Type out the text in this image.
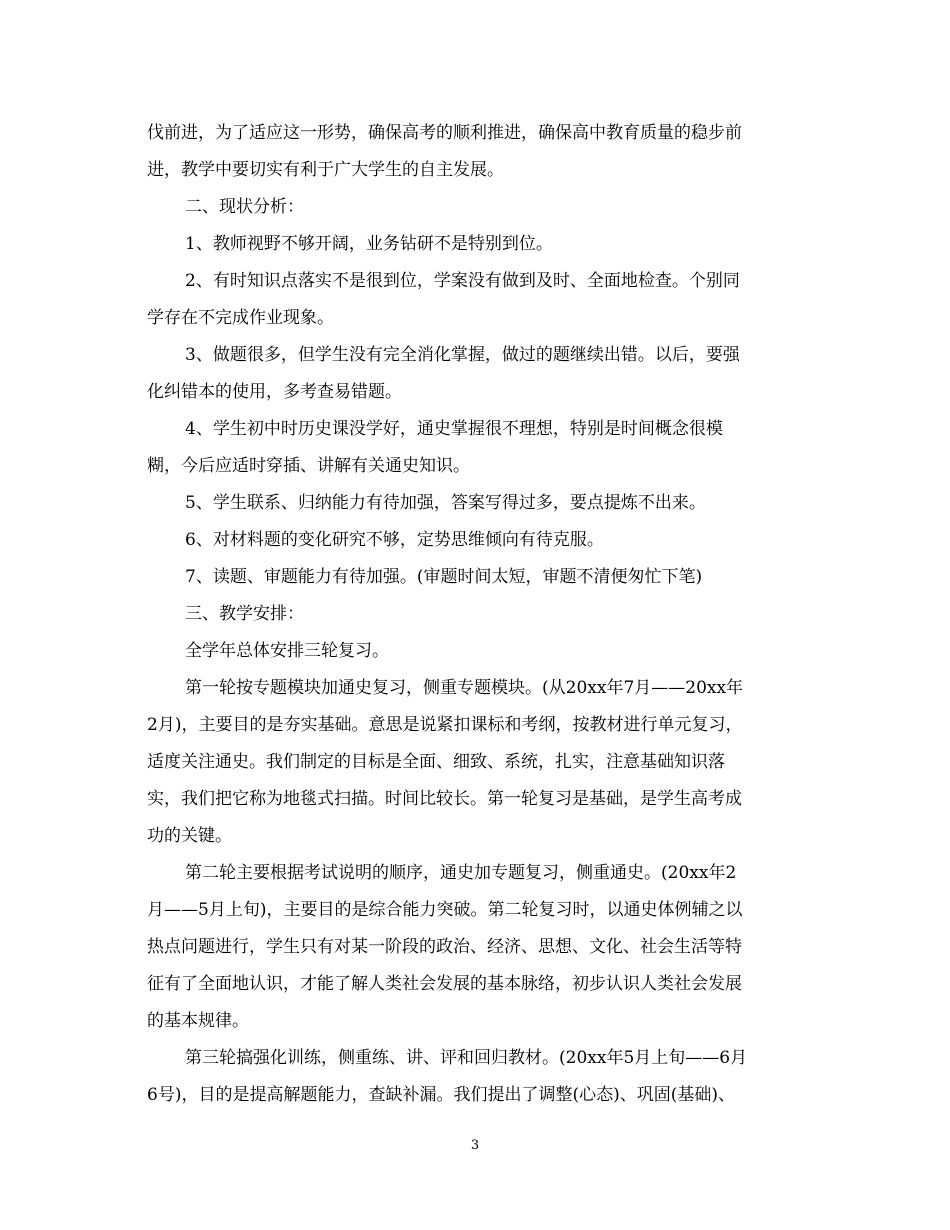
伐前进，为了适应这一形势，确保高考的顺利推进，确保高中教育质量的稳步前
进，教学中要切实有利于广大学生的自主发展。
二、现状分析：
1、教师视野不够开阔，业务钻研不是特别到位。
2、有时知识点落实不是很到位，学案没有做到及时、全面地检查。个别同
学存在不完成作业现象。
3、做题很多，但学生没有完全消化掌握，做过的题继续出错。以后，要强
化纠错本的使用，多考查易错题。
4、学生初中时历史课没学好，通史掌握很不理想，特别是时间概念很模
糊，今后应适时穿插、讲解有关通史知识。
5、学生联系、归纳能力有待加强，答案写得过多，要点提炼不出来。
6、对材料题的变化研究不够，定势思维倾向有待克服。
7、读题、审题能力有待加强。(审题时间太短，审题不清便匆忙下笔)
三、教学安排：
全学年总体安排三轮复习。
第一轮按专题模块加通史复习，侧重专题模块。(从20xx年7月——20xx年
2月)，主要目的是夯实基础。意思是说紧扣课标和考纲，按教材进行单元复习，
适度关注通史。我们制定的目标是全面、细致、系统，扎实，注意基础知识落
实，我们把它称为地毯式扫描。时间比较长。第一轮复习是基础，是学生高考成
功的关键。
第二轮主要根据考试说明的顺序，通史加专题复习，侧重通史。(20xx年2
月——5月上旬)，主要目的是综合能力突破。第二轮复习时，以通史体例辅之以
热点问题进行，学生只有对某一阶段的政治、经济、思想、文化、社会生活等特
征有了全面地认识，才能了解人类社会发展的基本脉络，初步认识人类社会发展
的基本规律。
第三轮搞强化训练，侧重练、讲、评和回归教材。(20xx年5月上旬——6月
6号)，目的是提高解题能力，查缺补漏。我们提出了调整(心态)、巩固(基础)、
3
